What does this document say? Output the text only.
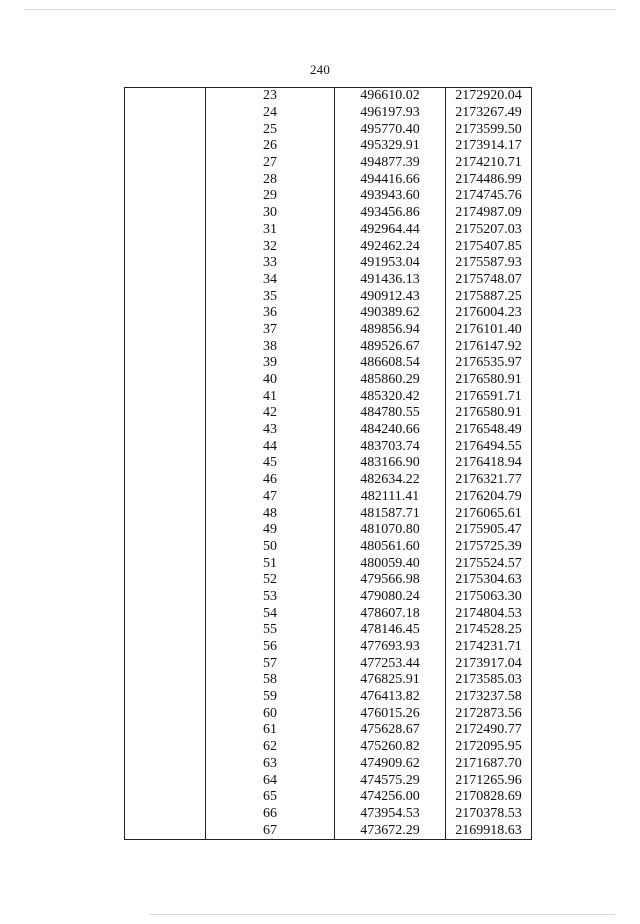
240
	23	496610.02	2172920.04
	24	496197.93	2173267.49
	25	495770.40	2173599.50
	26	495329.91	2173914.17
	27	494877.39	2174210.71
	28	494416.66	2174486.99
	29	493943.60	2174745.76
	30	493456.86	2174987.09
	31	492964.44	2175207.03
	32	492462.24	2175407.85
	33	491953.04	2175587.93
	34	491436.13	2175748.07
	35	490912.43	2175887.25
	36	490389.62	2176004.23
	37	489856.94	2176101.40
	38	489526.67	2176147.92
	39	486608.54	2176535.97
	40	485860.29	2176580.91
	41	485320.42	2176591.71
	42	484780.55	2176580.91
	43	484240.66	2176548.49
	44	483703.74	2176494.55
	45	483166.90	2176418.94
	46	482634.22	2176321.77
	47	482111.41	2176204.79
	48	481587.71	2176065.61
	49	481070.80	2175905.47
	50	480561.60	2175725.39
	51	480059.40	2175524.57
	52	479566.98	2175304.63
	53	479080.24	2175063.30
	54	478607.18	2174804.53
	55	478146.45	2174528.25
	56	477693.93	2174231.71
	57	477253.44	2173917.04
	58	476825.91	2173585.03
	59	476413.82	2173237.58
	60	476015.26	2172873.56
	61	475628.67	2172490.77
	62	475260.82	2172095.95
	63	474909.62	2171687.70
	64	474575.29	2171265.96
	65	474256.00	2170828.69
	66	473954.53	2170378.53
	67	473672.29	2169918.63
